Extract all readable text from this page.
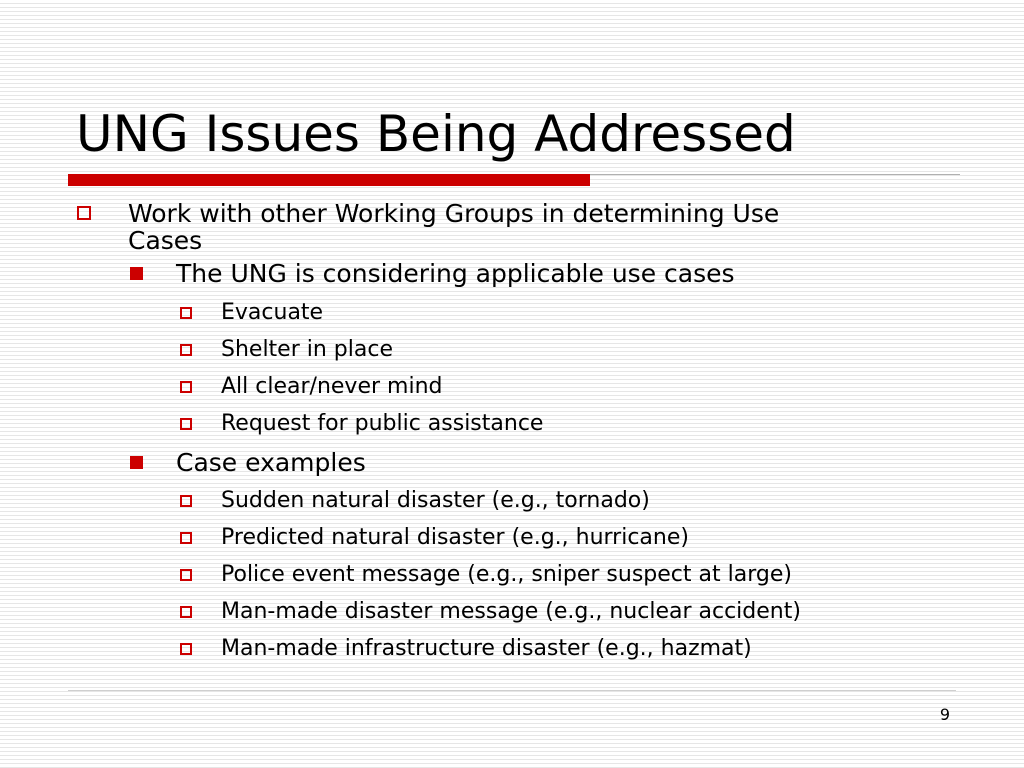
UNG Issues Being Addressed
Work with other Working Groups in determining Use
Cases
The UNG is considering applicable use cases
Evacuate
Shelter in place
All clear/never mind
Request for public assistance
Case examples
Sudden natural disaster (e.g., tornado)
Predicted natural disaster (e.g., hurricane)
Police event message (e.g., sniper suspect at large)
Man-made disaster message (e.g., nuclear accident)
Man-made infrastructure disaster (e.g., hazmat)
9
